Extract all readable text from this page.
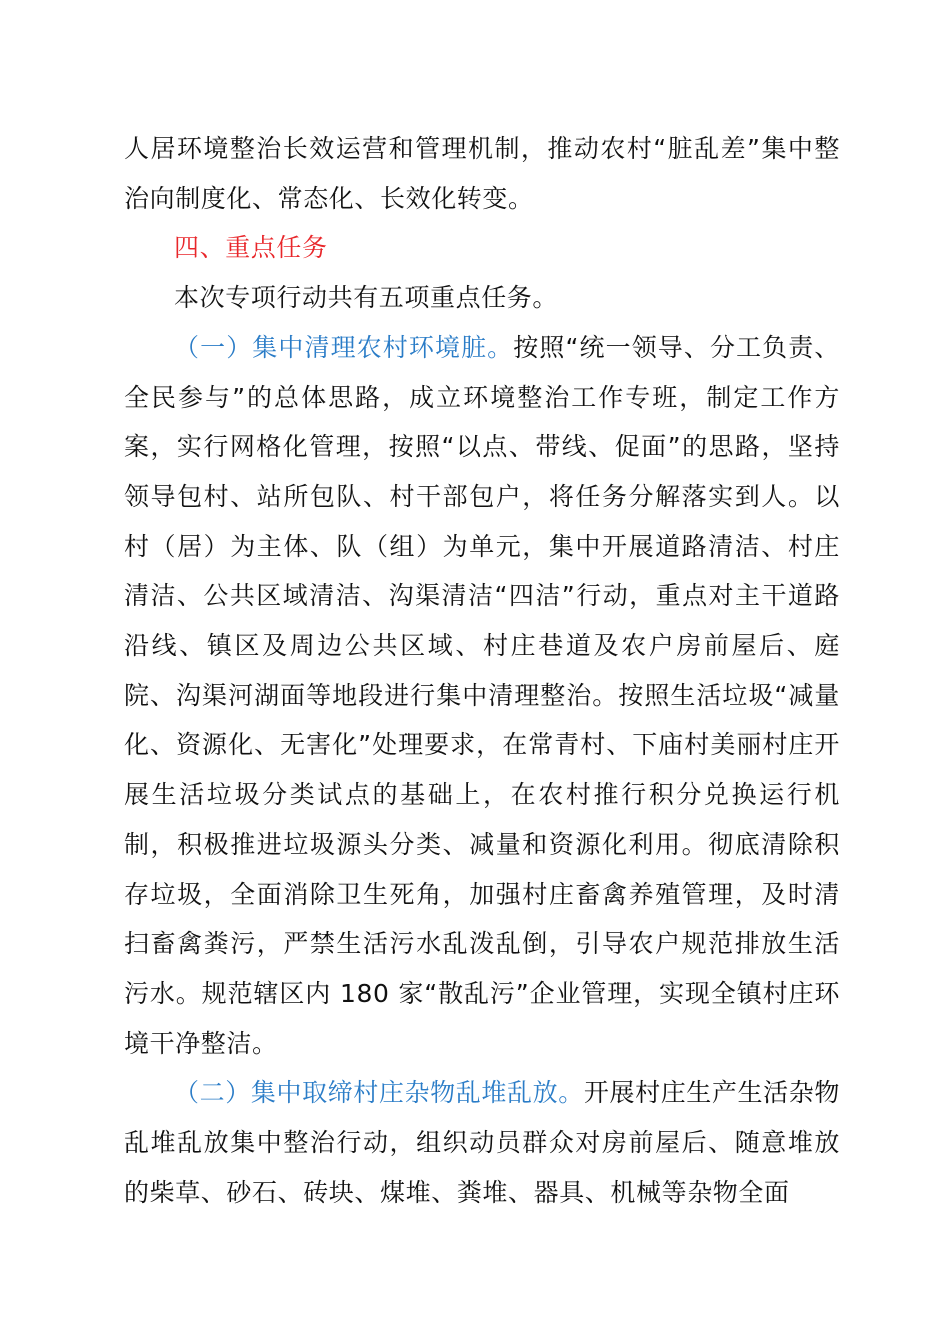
人居环境整治长效运营和管理机制，推动农村“脏乱差”集中整治向制度化、常态化、长效化转变。

四、重点任务

本次专项行动共有五项重点任务。

（一）集中清理农村环境脏。按照“统一领导、分工负责、全民参与”的总体思路，成立环境整治工作专班，制定工作方案，实行网格化管理，按照“以点、带线、促面”的思路，坚持领导包村、站所包队、村干部包户，将任务分解落实到人。以村（居）为主体、队（组）为单元，集中开展道路清洁、村庄清洁、公共区域清洁、沟渠清洁“四洁”行动，重点对主干道路沿线、镇区及周边公共区域、村庄巷道及农户房前屋后、庭院、沟渠河湖面等地段进行集中清理整治。按照生活垃圾“减量化、资源化、无害化”处理要求，在常青村、下庙村美丽村庄开展生活垃圾分类试点的基础上，在农村推行积分兑换运行机制，积极推进垃圾源头分类、减量和资源化利用。彻底清除积存垃圾，全面消除卫生死角，加强村庄畜禽养殖管理，及时清扫畜禽粪污，严禁生活污水乱泼乱倒，引导农户规范排放生活污水。规范辖区内 180 家“散乱污”企业管理，实现全镇村庄环境干净整洁。

（二）集中取缔村庄杂物乱堆乱放。开展村庄生产生活杂物乱堆乱放集中整治行动，组织动员群众对房前屋后、随意堆放的柴草、砂石、砖块、煤堆、粪堆、器具、机械等杂物全面
